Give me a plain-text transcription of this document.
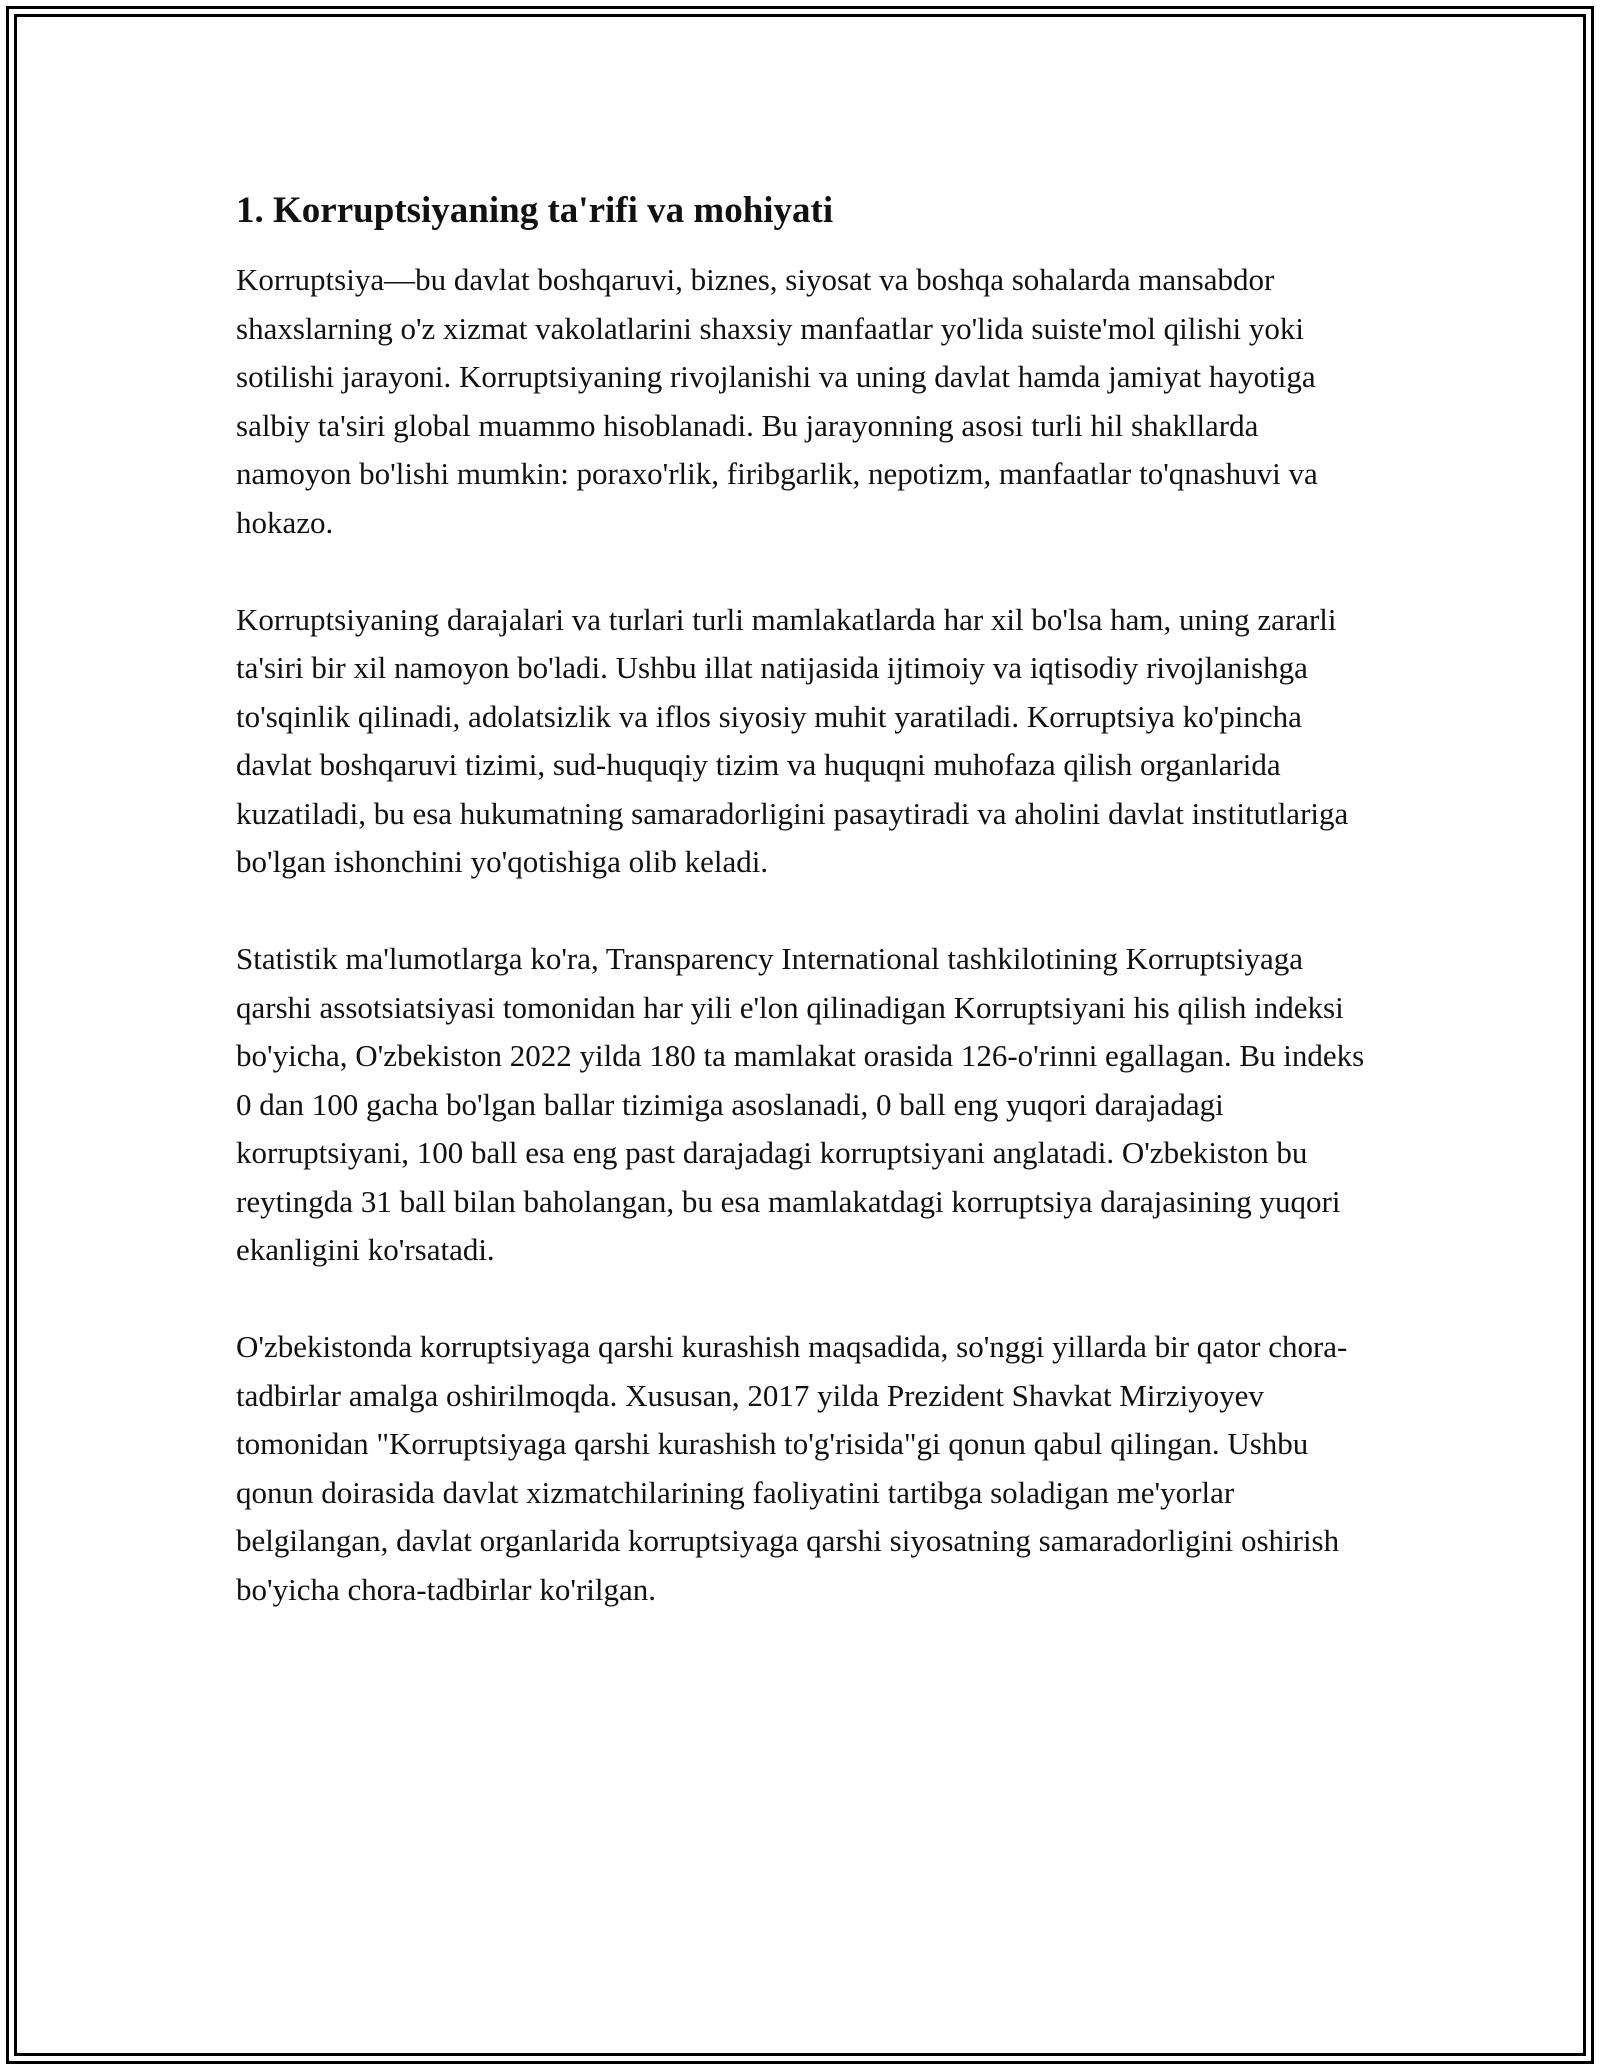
1. Korruptsiyaning ta'rifi va mohiyati

Korruptsiya—bu davlat boshqaruvi, biznes, siyosat va boshqa sohalarda mansabdor shaxslarning o'z xizmat vakolatlarini shaxsiy manfaatlar yo'lida suiste'mol qilishi yoki sotilishi jarayoni. Korruptsiyaning rivojlanishi va uning davlat hamda jamiyat hayotiga salbiy ta'siri global muammo hisoblanadi. Bu jarayonning asosi turli hil shakllarda namoyon bo'lishi mumkin: poraxo'rlik, firibgarlik, nepotizm, manfaatlar to'qnashuvi va hokazo.

Korruptsiyaning darajalari va turlari turli mamlakatlarda har xil bo'lsa ham, uning zararli ta'siri bir xil namoyon bo'ladi. Ushbu illat natijasida ijtimoiy va iqtisodiy rivojlanishga to'sqinlik qilinadi, adolatsizlik va iflos siyosiy muhit yaratiladi. Korruptsiya ko'pincha davlat boshqaruvi tizimi, sud-huquqiy tizim va huquqni muhofaza qilish organlarida kuzatiladi, bu esa hukumatning samaradorligini pasaytiradi va aholini davlat institutlariga bo'lgan ishonchini yo'qotishiga olib keladi.

Statistik ma'lumotlarga ko'ra, Transparency International tashkilotining Korruptsiyaga qarshi assotsiatsiyasi tomonidan har yili e'lon qilinadigan Korruptsiyani his qilish indeksi bo'yicha, O'zbekiston 2022 yilda 180 ta mamlakat orasida 126-o'rinni egallagan. Bu indeks 0 dan 100 gacha bo'lgan ballar tizimiga asoslanadi, 0 ball eng yuqori darajadagi korruptsiyani, 100 ball esa eng past darajadagi korruptsiyani anglatadi. O'zbekiston bu reytingda 31 ball bilan baholangan, bu esa mamlakatdagi korruptsiya darajasining yuqori ekanligini ko'rsatadi.

O'zbekistonda korruptsiyaga qarshi kurashish maqsadida, so'nggi yillarda bir qator chora-tadbirlar amalga oshirilmoqda. Xususan, 2017 yilda Prezident Shavkat Mirziyoyev tomonidan "Korruptsiyaga qarshi kurashish to'g'risida"gi qonun qabul qilingan. Ushbu qonun doirasida davlat xizmatchilarining faoliyatini tartibga soladigan me'yorlar belgilangan, davlat organlarida korruptsiyaga qarshi siyosatning samaradorligini oshirish bo'yicha chora-tadbirlar ko'rilgan.
